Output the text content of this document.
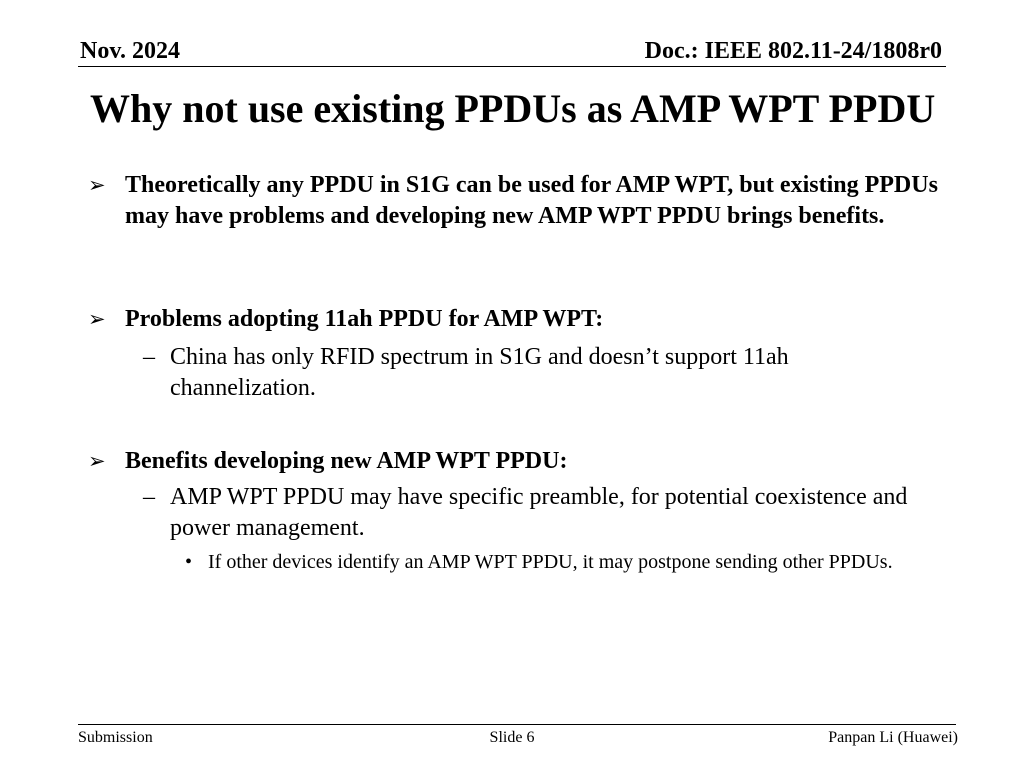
Nov. 2024	Doc.: IEEE 802.11-24/1808r0
Why not use existing PPDUs as AMP WPT PPDU
➢ Theoretically any PPDU in S1G can be used for AMP WPT, but existing PPDUs may have problems and developing new AMP WPT PPDU brings benefits.
➢ Problems adopting 11ah PPDU for AMP WPT:
– China has only RFID spectrum in S1G and doesn’t support 11ah channelization.
➢ Benefits developing new AMP WPT PPDU:
– AMP WPT PPDU may have specific preamble, for potential coexistence and power management.
• If other devices identify an AMP WPT PPDU, it may postpone sending other PPDUs.
Submission	Slide 6	Panpan Li (Huawei)
